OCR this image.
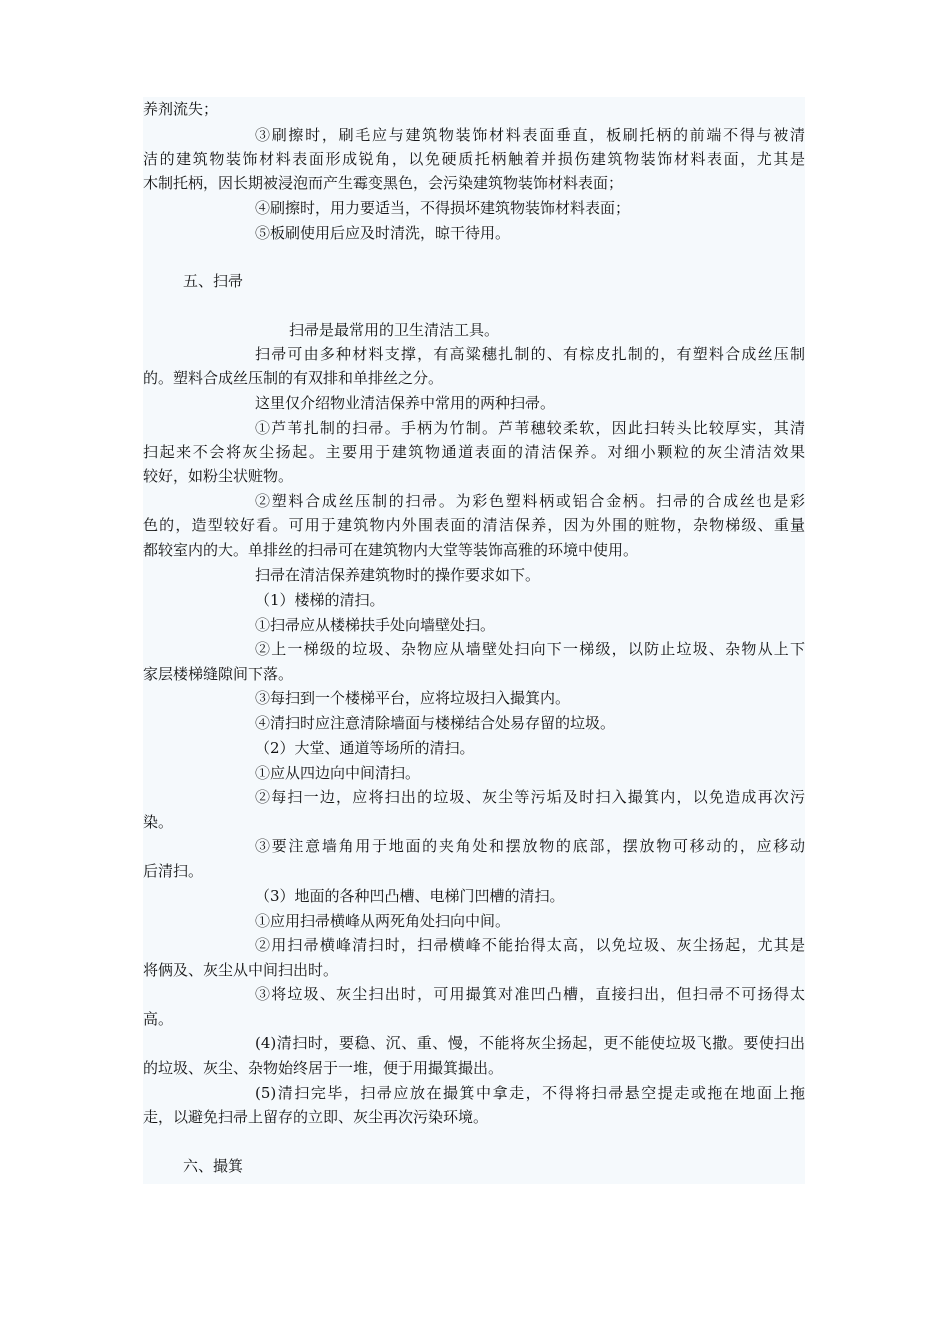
养剂流失；
③刷擦时，刷毛应与建筑物装饰材料表面垂直，板刷托柄的前端不得与被清
洁的建筑物装饰材料表面形成锐角，以免硬质托柄触着并损伤建筑物装饰材料表面，尤其是
木制托柄，因长期被浸泡而产生霉变黑色，会污染建筑物装饰材料表面；
④刷擦时，用力要适当，不得损坏建筑物装饰材料表面；
⑤板刷使用后应及时清洗，晾干待用。
五、扫帚
扫帚是最常用的卫生清洁工具。
扫帚可由多种材料支撑，有高粱穗扎制的、有棕皮扎制的，有塑料合成丝压制
的。塑料合成丝压制的有双排和单排丝之分。
这里仅介绍物业清洁保养中常用的两种扫帚。
①芦苇扎制的扫帚。手柄为竹制。芦苇穗较柔软，因此扫转头比较厚实，其清
扫起来不会将灰尘扬起。主要用于建筑物通道表面的清洁保养。对细小颗粒的灰尘清洁效果
较好，如粉尘状赃物。
②塑料合成丝压制的扫帚。为彩色塑料柄或铝合金柄。扫帚的合成丝也是彩
色的，造型较好看。可用于建筑物内外围表面的清洁保养，因为外围的赃物，杂物梯级、重量
都较室内的大。单排丝的扫帚可在建筑物内大堂等装饰高雅的环境中使用。
扫帚在清洁保养建筑物时的操作要求如下。
（1）楼梯的清扫。
①扫帚应从楼梯扶手处向墙壁处扫。
②上一梯级的垃圾、杂物应从墙壁处扫向下一梯级，以防止垃圾、杂物从上下
家层楼梯缝隙间下落。
③每扫到一个楼梯平台，应将垃圾扫入撮箕内。
④清扫时应注意清除墙面与楼梯结合处易存留的垃圾。
（2）大堂、通道等场所的清扫。
①应从四边向中间清扫。
②每扫一边，应将扫出的垃圾、灰尘等污垢及时扫入撮箕内，以免造成再次污
染。
③要注意墙角用于地面的夹角处和摆放物的底部，摆放物可移动的，应移动
后清扫。
（3）地面的各种凹凸槽、电梯门凹槽的清扫。
①应用扫帚横峰从两死角处扫向中间。
②用扫帚横峰清扫时，扫帚横峰不能抬得太高，以免垃圾、灰尘扬起，尤其是
将俩及、灰尘从中间扫出时。
③将垃圾、灰尘扫出时，可用撮箕对准凹凸槽，直接扫出，但扫帚不可扬得太
高。
(4)清扫时，要稳、沉、重、慢，不能将灰尘扬起，更不能使垃圾飞撒。要使扫出
的垃圾、灰尘、杂物始终居于一堆，便于用撮箕撮出。
(5)清扫完毕，扫帚应放在撮箕中拿走，不得将扫帚悬空提走或拖在地面上拖
走，以避免扫帚上留存的立即、灰尘再次污染环境。
六、撮箕
